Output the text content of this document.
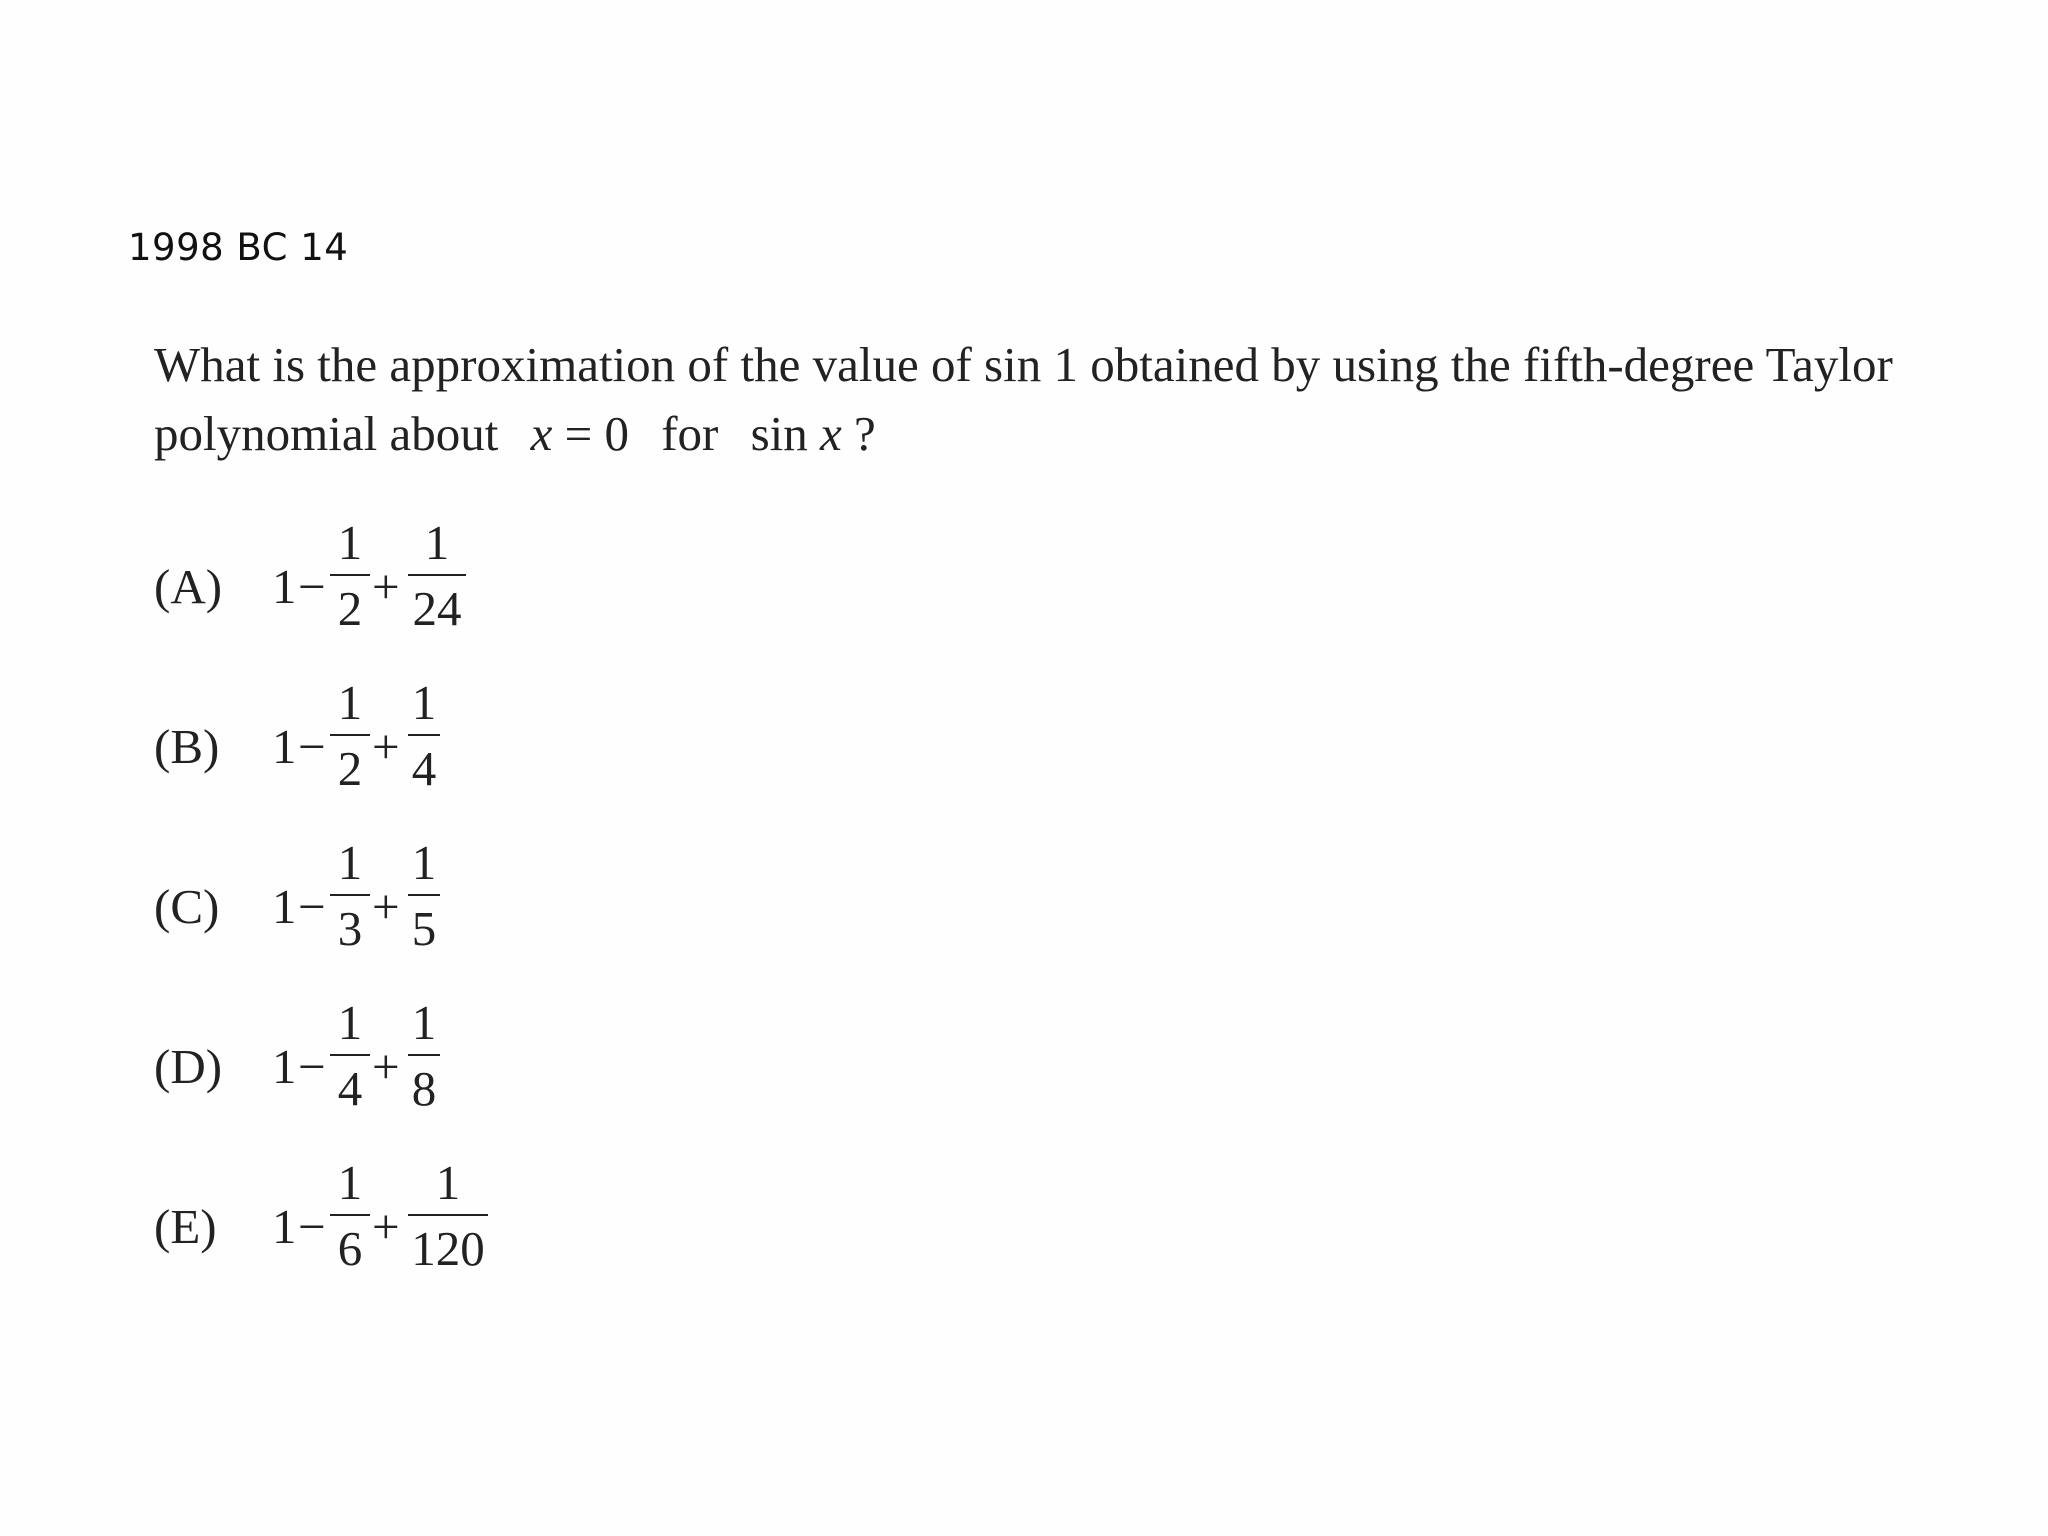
1998 BC 14
What is the approximation of the value of sin 1 obtained by using the fifth-degree Taylor polynomial about x = 0 for sin x ?
(A) 1 −
1
2 +
1
24
(B) 1 −
1
2 +
1
4
(C) 1 −
1
3 +
1
5
(D) 1 −
1
4 +
1
8
(E) 1 −
1
6 +
1
120
